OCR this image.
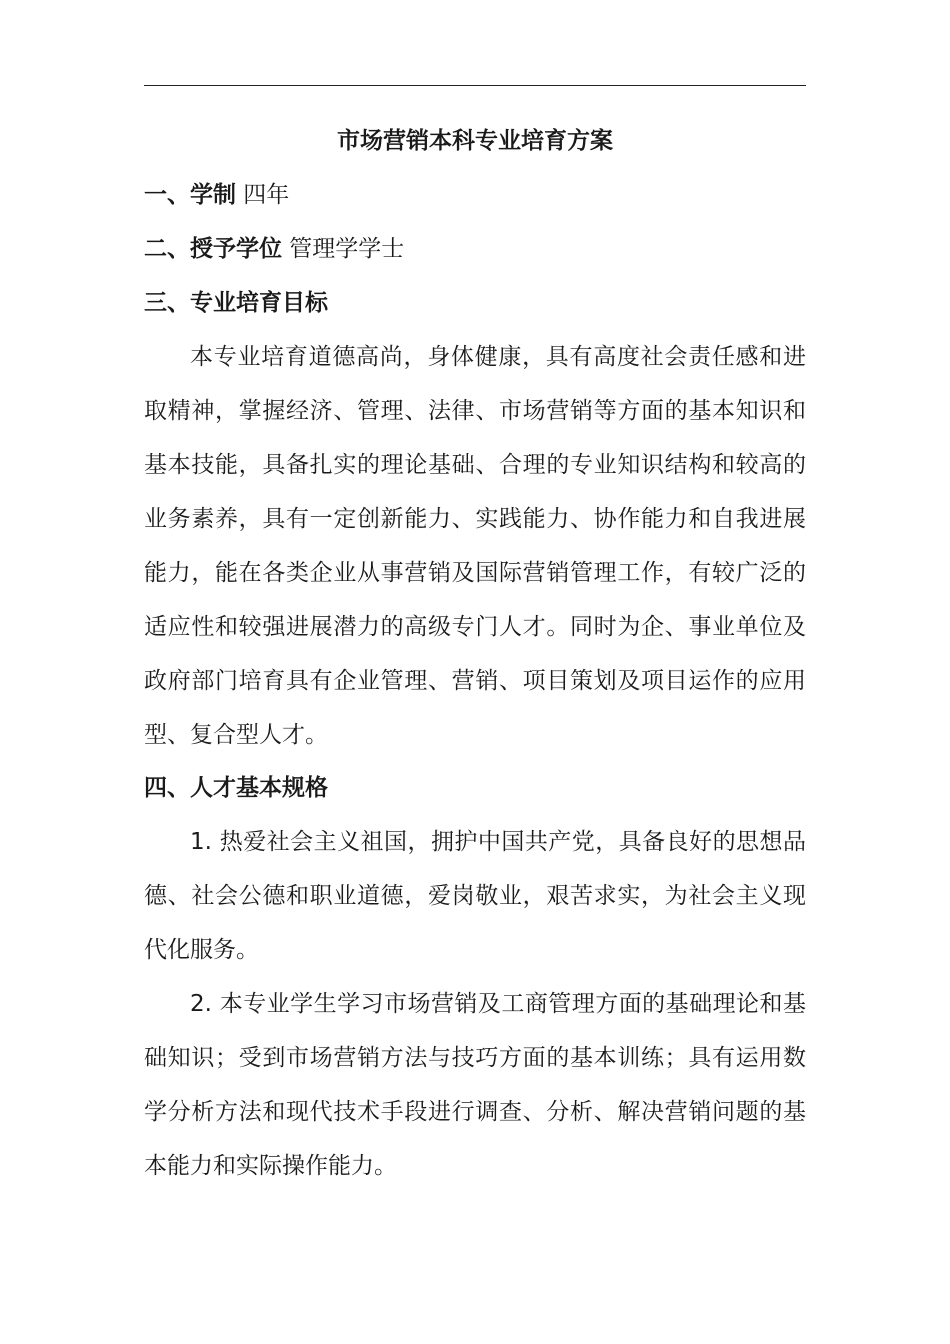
市场营销本科专业培育方案
一、学制 四年
二、授予学位 管理学学士
三、专业培育目标
本专业培育道德高尚，身体健康，具有高度社会责任感和进
取精神，掌握经济、管理、法律、市场营销等方面的基本知识和
基本技能，具备扎实的理论基础、合理的专业知识结构和较高的
业务素养，具有一定创新能力、实践能力、协作能力和自我进展
能力，能在各类企业从事营销及国际营销管理工作，有较广泛的
适应性和较强进展潜力的高级专门人才。同时为企、事业单位及
政府部门培育具有企业管理、营销、项目策划及项目运作的应用
型、复合型人才。
四、人才基本规格
1. 热爱社会主义祖国，拥护中国共产党，具备良好的思想品
德、社会公德和职业道德，爱岗敬业，艰苦求实，为社会主义现
代化服务。
2. 本专业学生学习市场营销及工商管理方面的基础理论和基
础知识；受到市场营销方法与技巧方面的基本训练；具有运用数
学分析方法和现代技术手段进行调查、分析、解决营销问题的基
本能力和实际操作能力。
